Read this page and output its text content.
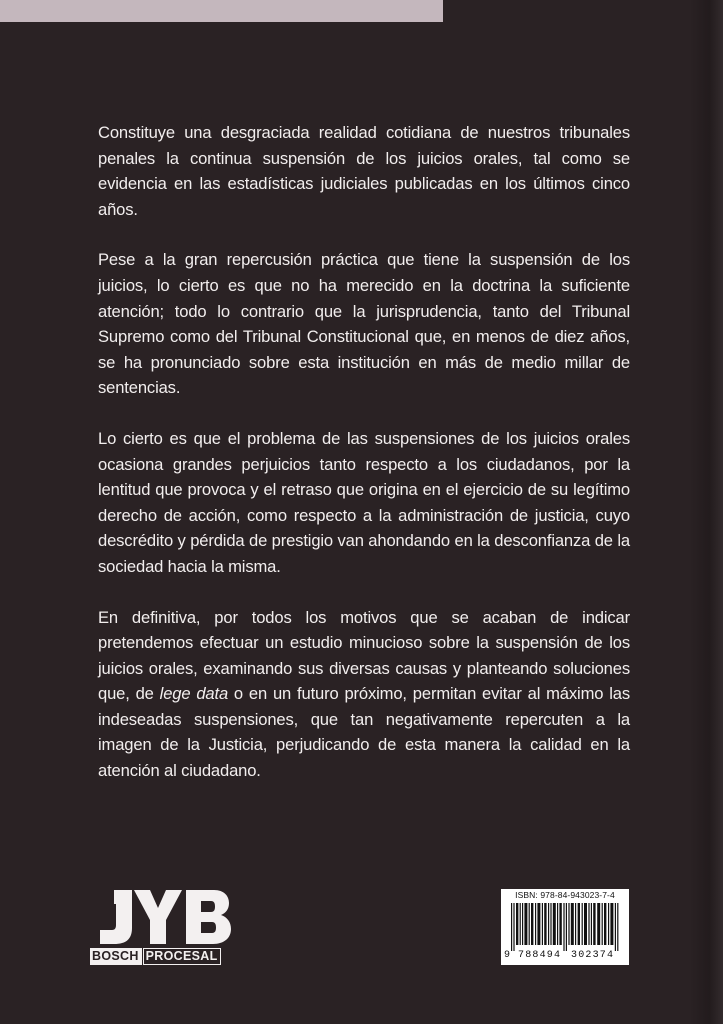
Constituye una desgraciada realidad cotidiana de nuestros tribunales penales la continua suspensión de los juicios orales, tal como se evidencia en las estadísticas judiciales publicadas en los últimos cinco años.

Pese a la gran repercusión práctica que tiene la suspensión de los juicios, lo cierto es que no ha merecido en la doctrina la suficiente atención; todo lo contrario que la jurisprudencia, tanto del Tribunal Supremo como del Tribunal Constitucional que, en menos de diez años, se ha pronunciado sobre esta institución en más de medio millar de sentencias.

Lo cierto es que el problema de las suspensiones de los juicios orales ocasiona grandes perjuicios tanto respecto a los ciudadanos, por la lentitud que provoca y el retraso que origina en el ejercicio de su legítimo derecho de acción, como respecto a la administración de justicia, cuyo descrédito y pérdida de prestigio van ahondando en la desconfianza de la sociedad hacia la misma.

En definitiva, por todos los motivos que se acaban de indicar pretendemos efectuar un estudio minucioso sobre la suspensión de los juicios orales, examinando sus diversas causas y planteando soluciones que, de lege data o en un futuro próximo, permitan evitar al máximo las indeseadas suspensiones, que tan negativamente repercuten a la imagen de la Justicia, perjudicando de esta manera la calidad en la atención al ciudadano.

BOSCH PROCESAL
ISBN: 978-84-943023-7-4
9 788494 302374
